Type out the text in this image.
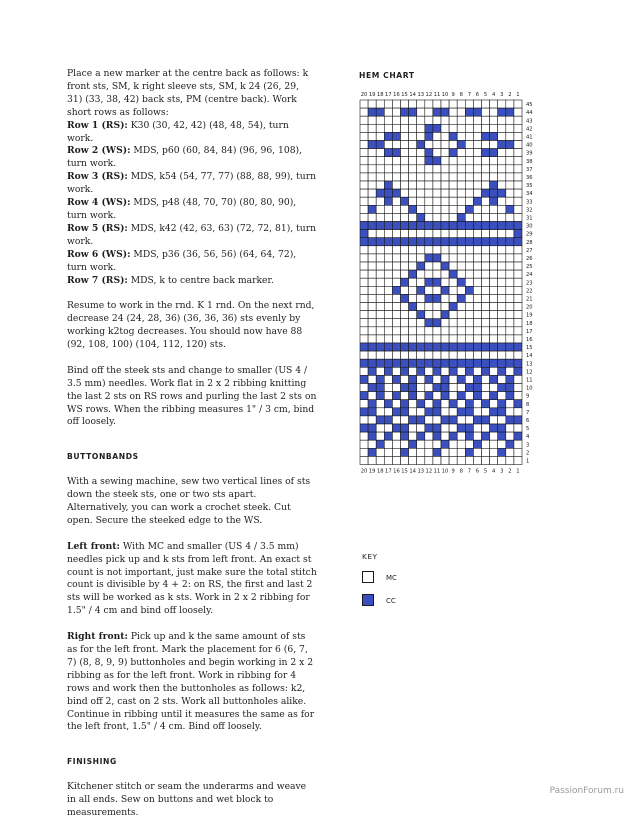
Place a new marker at the centre back as follows: k front sts, SM, k right sleeve sts, SM, k 24 (26, 29, 31) (33, 38, 42) back sts, PM (centre back). Work short rows as follows:
Row 1 (RS): K30 (30, 42, 42) (48, 48, 54), turn work.
Row 2 (WS): MDS, p60 (60, 84, 84) (96, 96, 108), turn work.
Row 3 (RS): MDS, k54 (54, 77, 77) (88, 88, 99), turn work.
Row 4 (WS): MDS, p48 (48, 70, 70) (80, 80, 90), turn work.
Row 5 (RS): MDS, k42 (42, 63, 63) (72, 72, 81), turn work.
Row 6 (WS): MDS, p36 (36, 56, 56) (64, 64, 72), turn work.
Row 7 (RS): MDS, k to centre back marker.

Resume to work in the rnd. K 1 rnd. On the next rnd, decrease 24 (24, 28, 36) (36, 36, 36) sts evenly by working k2tog decreases. You should now have 88 (92, 108, 100) (104, 112, 120) sts.

Bind off the steek sts and change to smaller (US 4 / 3.5 mm) needles. Work flat in 2 x 2 ribbing knitting the last 2 sts on RS rows and purling the last 2 sts on WS rows. When the ribbing measures 1" / 3 cm, bind off loosely.

BUTTONBANDS

With a sewing machine, sew two vertical lines of sts down the steek sts, one or two sts apart. Alternatively, you can work a crochet steek. Cut open. Secure the steeked edge to the WS.

Left front: With MC and smaller (US 4 / 3.5 mm) needles pick up and k sts from left front. An exact st count is not important, just make sure the total stitch count is divisible by 4 + 2: on RS, the first and last 2 sts will be worked as k sts. Work in 2 x 2 ribbing for 1.5" / 4 cm and bind off loosely.

Right front: Pick up and k the same amount of sts as for the left front. Mark the placement for 6 (6, 7, 7) (8, 8, 9, 9) buttonholes and begin working in 2 x 2 ribbing as for the left front. Work in ribbing for 4 rows and work then the buttonholes as follows: k2, bind off 2, cast on 2 sts. Work all buttonholes alike. Continue in ribbing until it measures the same as for the left front, 1.5" / 4 cm. Bind off loosely.

FINISHING

Kitchener stitch or seam the underarms and weave in all ends. Sew on buttons and wet block to measurements.

HEM CHART
20
20
19
19
18
18
17
17
16
16
15
15
14
14
13
13
12
12
11
11
10
10
9
9
8
8
7
7
6
6
5
5
4
4
3
3
2
2
1
1
45
44
43
42
41
40
39
38
37
36
35
34
33
32
31
30
29
28
27
26
25
24
23
22
21
20
19
18
17
16
15
14
13
12
11
10
9
8
7
6
5
4
3
2
1
KEY
MC
CC
PassionForum.ru
